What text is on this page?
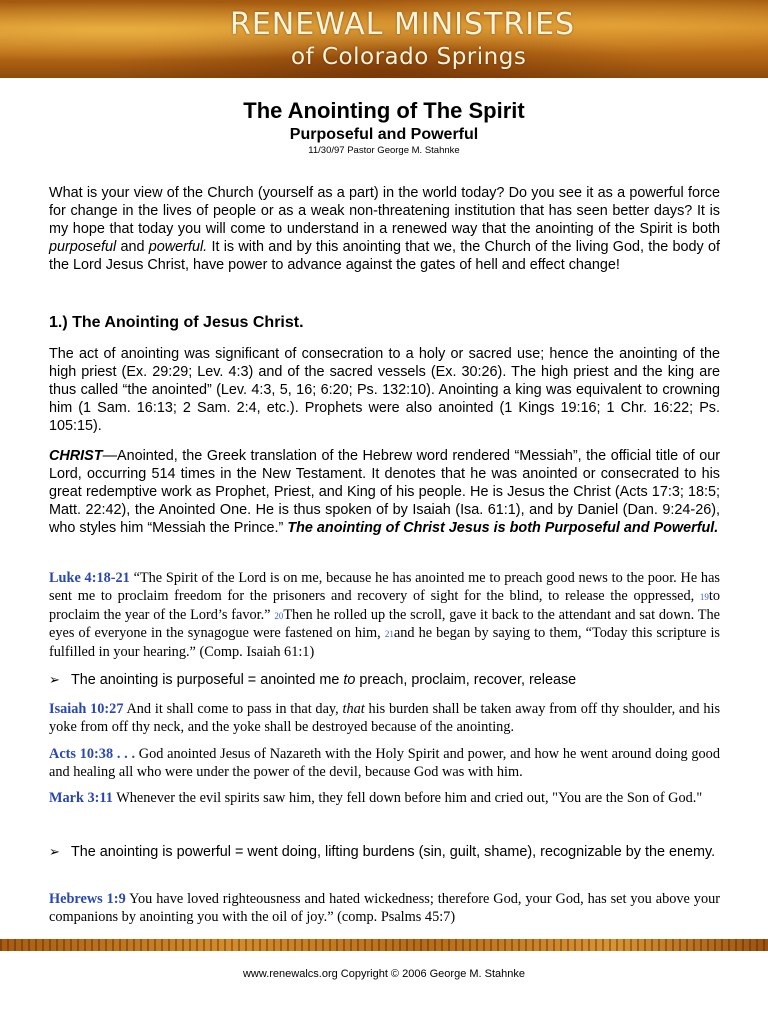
RENEWAL MINISTRIES
of Colorado Springs
The Anointing of The Spirit
Purposeful and Powerful
11/30/97 Pastor George M. Stahnke

What is your view of the Church (yourself as a part) in the world today? Do you see it as a powerful force for change in the lives of people or as a weak non-threatening institution that has seen better days? It is my hope that today you will come to understand in a renewed way that the anointing of the Spirit is both purposeful and powerful. It is with and by this anointing that we, the Church of the living God, the body of the Lord Jesus Christ, have power to advance against the gates of hell and effect change!

1.) The Anointing of Jesus Christ.

The act of anointing was significant of consecration to a holy or sacred use; hence the anointing of the high priest (Ex. 29:29; Lev. 4:3) and of the sacred vessels (Ex. 30:26). The high priest and the king are thus called “the anointed” (Lev. 4:3, 5, 16; 6:20; Ps. 132:10). Anointing a king was equivalent to crowning him (1 Sam. 16:13; 2 Sam. 2:4, etc.). Prophets were also anointed (1 Kings 19:16; 1 Chr. 16:22; Ps. 105:15).

CHRIST—Anointed, the Greek translation of the Hebrew word rendered “Messiah”, the official title of our Lord, occurring 514 times in the New Testament. It denotes that he was anointed or consecrated to his great redemptive work as Prophet, Priest, and King of his people. He is Jesus the Christ (Acts 17:3; 18:5; Matt. 22:42), the Anointed One. He is thus spoken of by Isaiah (Isa. 61:1), and by Daniel (Dan. 9:24-26), who styles him “Messiah the Prince.” The anointing of Christ Jesus is both Purposeful and Powerful.

Luke 4:18-21 “The Spirit of the Lord is on me, because he has anointed me to preach good news to the poor. He has sent me to proclaim freedom for the prisoners and recovery of sight for the blind, to release the oppressed, 19to proclaim the year of the Lord’s favor.” 20Then he rolled up the scroll, gave it back to the attendant and sat down. The eyes of everyone in the synagogue were fastened on him, 21and he began by saying to them, “Today this scripture is fulfilled in your hearing.” (Comp. Isaiah 61:1)

➢ The anointing is purposeful = anointed me to preach, proclaim, recover, release

Isaiah 10:27 And it shall come to pass in that day, that his burden shall be taken away from off thy shoulder, and his yoke from off thy neck, and the yoke shall be destroyed because of the anointing.

Acts 10:38 . . . God anointed Jesus of Nazareth with the Holy Spirit and power, and how he went around doing good and healing all who were under the power of the devil, because God was with him.

Mark 3:11 Whenever the evil spirits saw him, they fell down before him and cried out, "You are the Son of God."

➢ The anointing is powerful = went doing, lifting burdens (sin, guilt, shame), recognizable by the enemy.

Hebrews 1:9 You have loved righteousness and hated wickedness; therefore God, your God, has set you above your companions by anointing you with the oil of joy.” (comp. Psalms 45:7)

www.renewalcs.org Copyright © 2006 George M. Stahnke
